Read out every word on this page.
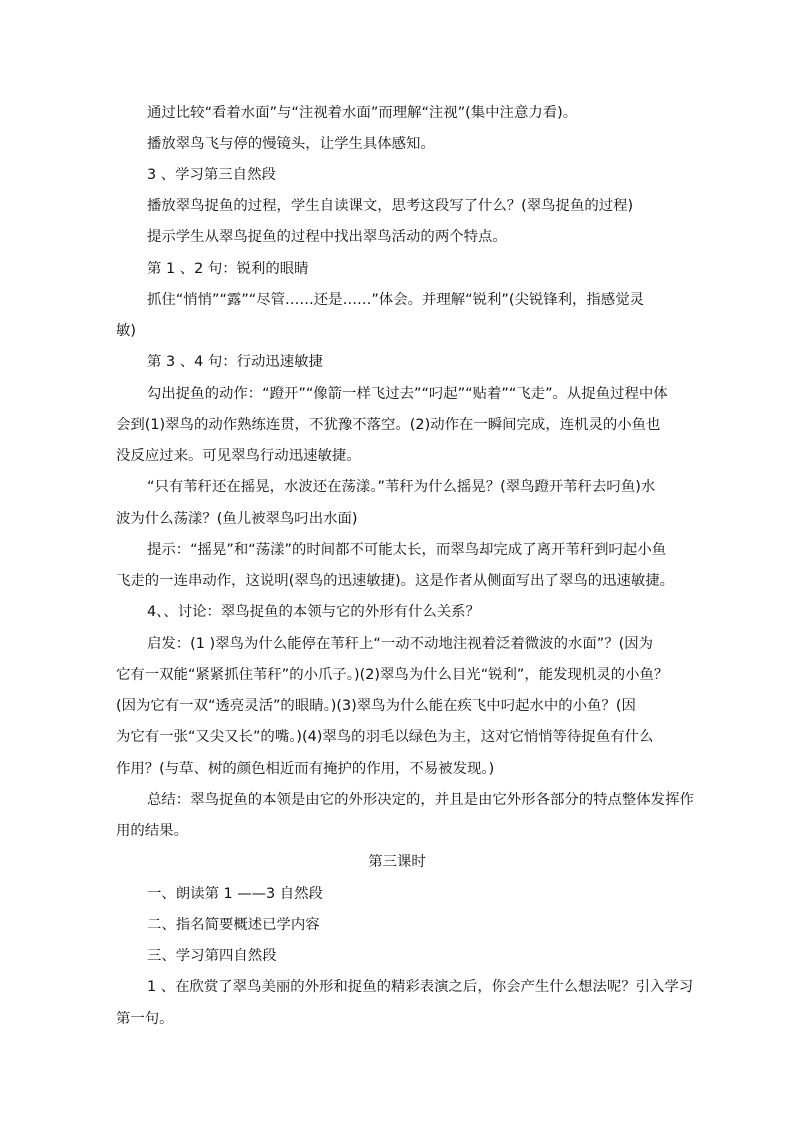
通过比较“看着水面”与“注视着水面”而理解“注视”(集中注意力看)。
播放翠鸟飞与停的慢镜头，让学生具体感知。
3 、学习第三自然段
播放翠鸟捉鱼的过程，学生自读课文，思考这段写了什么？(翠鸟捉鱼的过程)
提示学生从翠鸟捉鱼的过程中找出翠鸟活动的两个特点。
第 1 、2 句：锐利的眼睛
抓住“悄悄”“露”“尽管……还是……”体会。并理解“锐利”(尖锐锋利，指感觉灵
敏)
第 3 、4 句：行动迅速敏捷
勾出捉鱼的动作：“蹬开”“像箭一样飞过去”“叼起”“贴着”“飞走”。从捉鱼过程中体
会到(1)翠鸟的动作熟练连贯，不犹豫不落空。(2)动作在一瞬间完成，连机灵的小鱼也
没反应过来。可见翠鸟行动迅速敏捷。
“只有苇秆还在摇晃，水波还在荡漾。”苇秆为什么摇晃？(翠鸟蹬开苇秆去叼鱼)水
波为什么荡漾？(鱼儿被翠鸟叼出水面)
提示：“摇晃”和“荡漾”的时间都不可能太长，而翠鸟却完成了离开苇秆到叼起小鱼
飞走的一连串动作，这说明(翠鸟的迅速敏捷)。这是作者从侧面写出了翠鸟的迅速敏捷。
4、、讨论：翠鸟捉鱼的本领与它的外形有什么关系？
启发：(1 )翠鸟为什么能停在苇秆上“一动不动地注视着泛着微波的水面”？(因为
它有一双能“紧紧抓住苇秆”的小爪子。)(2)翠鸟为什么目光“锐利”，能发现机灵的小鱼？
(因为它有一双“透亮灵活”的眼睛。)(3)翠鸟为什么能在疾飞中叼起水中的小鱼？(因
为它有一张“又尖又长”的嘴。)(4)翠鸟的羽毛以绿色为主，这对它悄悄等待捉鱼有什么
作用？(与草、树的颜色相近而有掩护的作用，不易被发现。)
总结：翠鸟捉鱼的本领是由它的外形决定的，并且是由它外形各部分的特点整体发挥作
用的结果。
第三课时
一、朗读第 1 ——3 自然段
二、指名简要概述已学内容
三、学习第四自然段
1 、在欣赏了翠鸟美丽的外形和捉鱼的精彩表演之后，你会产生什么想法呢？引入学习
第一句。
